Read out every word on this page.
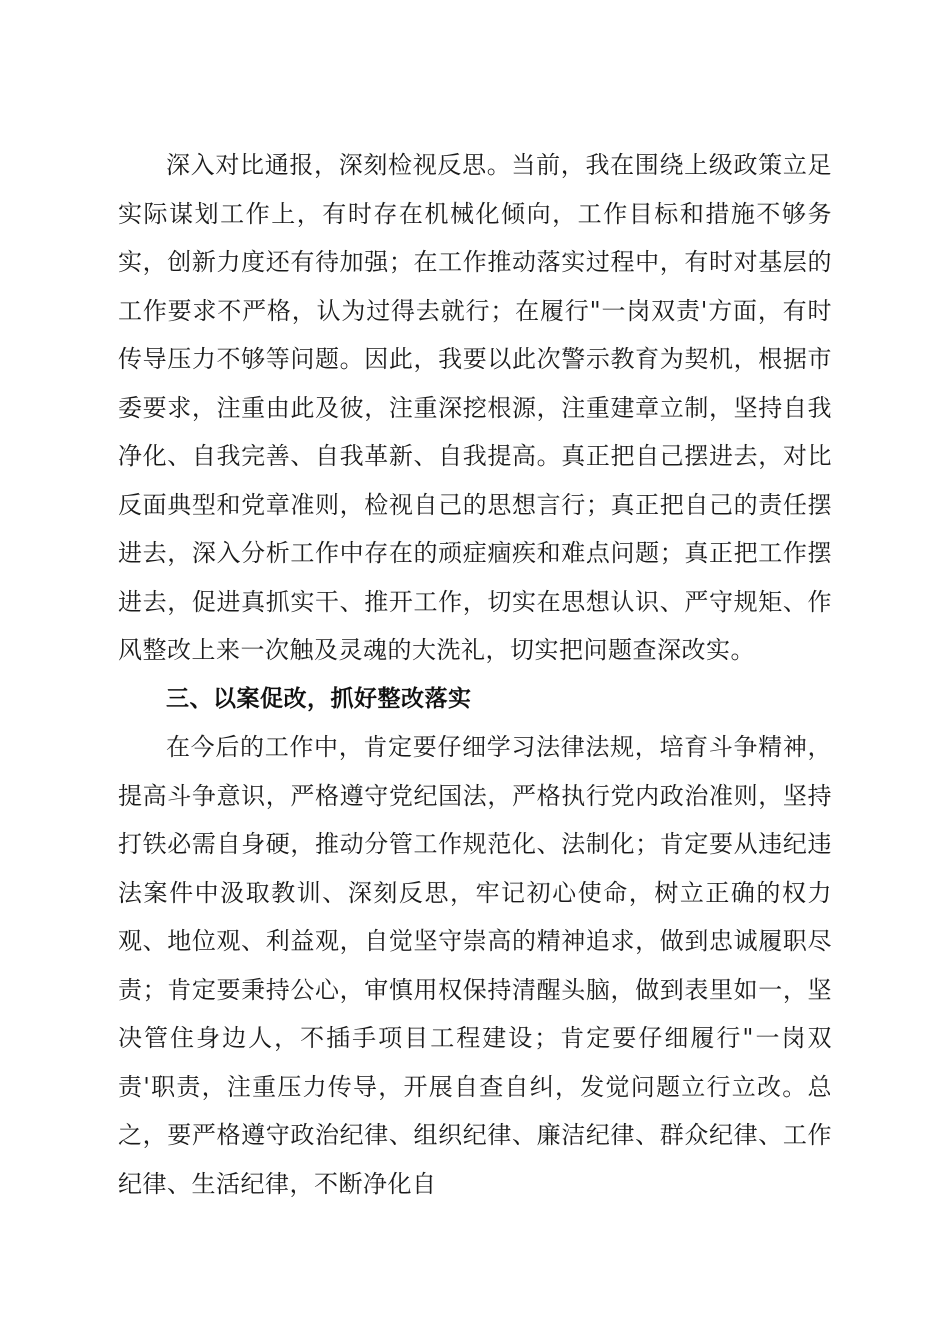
深入对比通报，深刻检视反思。当前，我在围绕上级政策立足实际谋划工作上，有时存在机械化倾向，工作目标和措施不够务实，创新力度还有待加强；在工作推动落实过程中，有时对基层的工作要求不严格，认为过得去就行；在履行"一岗双责'方面，有时传导压力不够等问题。因此，我要以此次警示教育为契机，根据市委要求，注重由此及彼，注重深挖根源，注重建章立制，坚持自我净化、自我完善、自我革新、自我提高。真正把自己摆进去，对比反面典型和党章准则，检视自己的思想言行；真正把自己的责任摆进去，深入分析工作中存在的顽症痼疾和难点问题；真正把工作摆进去，促进真抓实干、推开工作，切实在思想认识、严守规矩、作风整改上来一次触及灵魂的大洗礼，切实把问题查深改实。

三、以案促改，抓好整改落实

在今后的工作中，肯定要仔细学习法律法规，培育斗争精神，提高斗争意识，严格遵守党纪国法，严格执行党内政治准则，坚持打铁必需自身硬，推动分管工作规范化、法制化；肯定要从违纪违法案件中汲取教训、深刻反思，牢记初心使命，树立正确的权力观、地位观、利益观，自觉坚守崇高的精神追求，做到忠诚履职尽责；肯定要秉持公心，审慎用权保持清醒头脑，做到表里如一，坚决管住身边人，不插手项目工程建设；肯定要仔细履行"一岗双责'职责，注重压力传导，开展自查自纠，发觉问题立行立改。总之，要严格遵守政治纪律、组织纪律、廉洁纪律、群众纪律、工作纪律、生活纪律，不断净化自
